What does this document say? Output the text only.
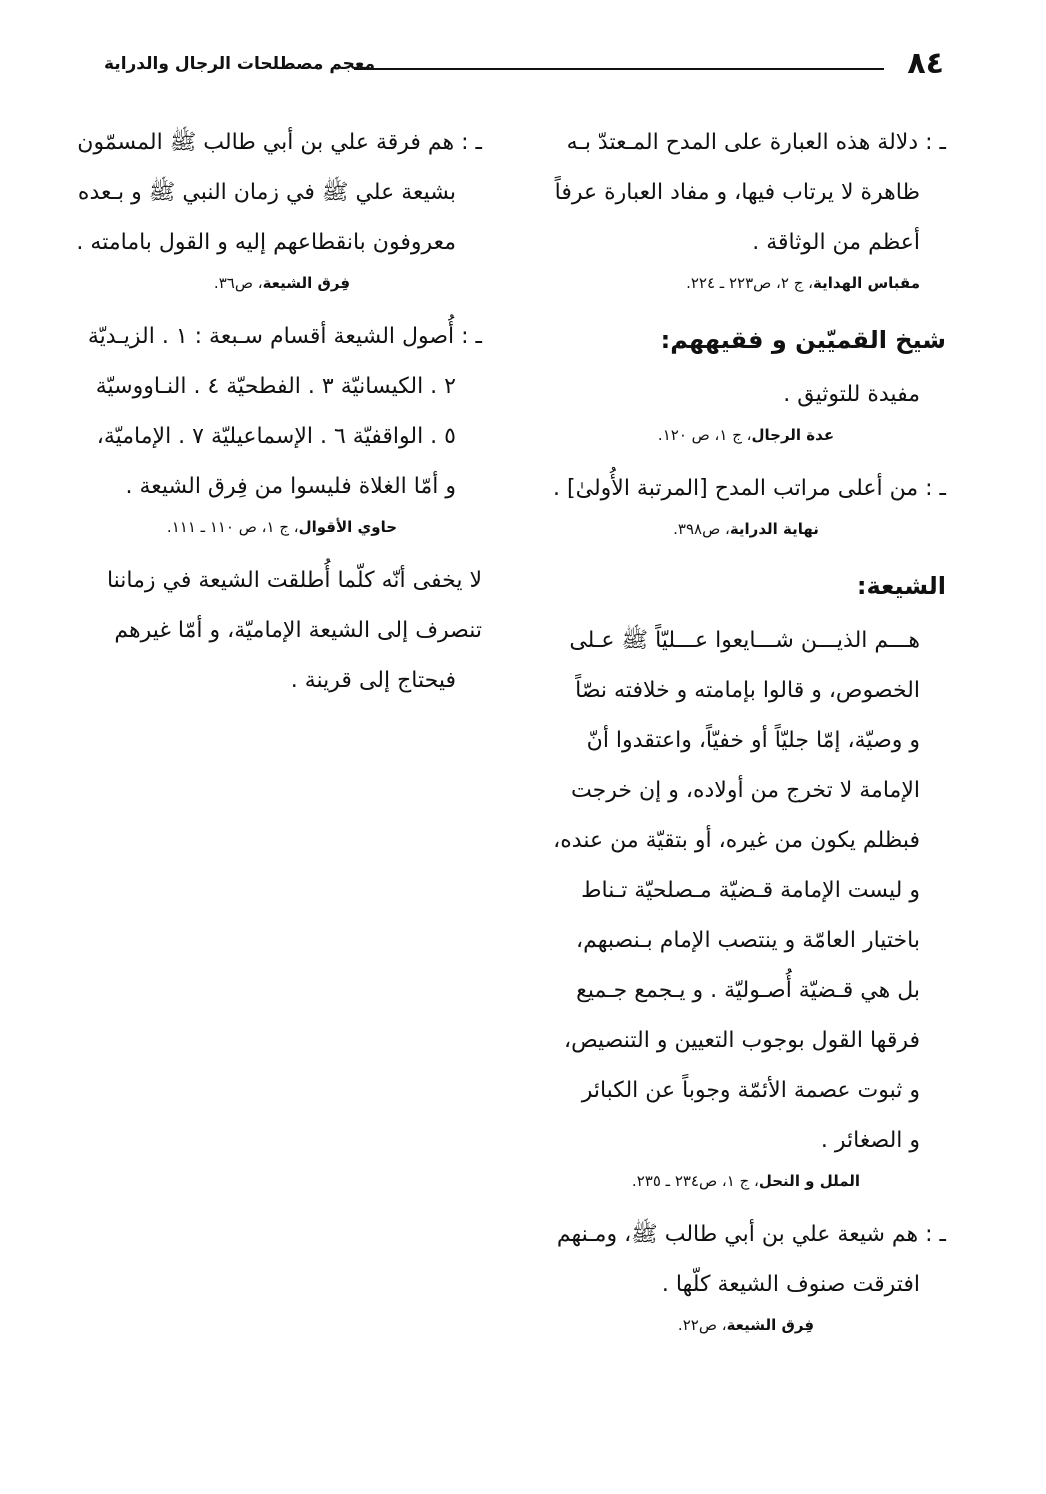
٨٤
معجم مصطلحات الرجال والدراية

ـ : دلالة هذه العبارة على المدح المـعتدّ بـه

ظاهرة لا يرتاب فيها، و مفاد العبارة عرفاً

أعظم من الوثاقة .

مقباس الهداية، ج ٢، ص٢٢٣ ـ ٢٢٤.

شيخ القميّين و فقيههم:

مفيدة للتوثيق .

عدة الرجال، ج ١، ص ١٢٠.

ـ : من أعلى مراتب المدح [المرتبة الأُولىٰ] .

نهاية الدراية، ص٣٩٨.

الشيعة:

هـــم الذيـــن شـــايعوا عـــليّاً ﷺ عـلى

الخصوص، و قالوا بإمامته و خلافته نصّاً

و وصيّة، إمّا جليّاً أو خفيّاً، واعتقدوا أنّ

الإمامة لا تخرج من أولاده، و إن خرجت

فبظلم يكون من غيره، أو بتقيّة من عنده،

و ليست الإمامة قـضيّة مـصلحيّة تـناط

باختيار العامّة و ينتصب الإمام بـنصبهم،

بل هي قـضيّة أُصـوليّة . و يـجمع جـميع

فرقها القول بوجوب التعيين و التنصيص،

و ثبوت عصمة الأئمّة وجوباً عن الكبائر

و الصغائر .

الملل و النحل، ج ١، ص٢٣٤ ـ ٢٣٥.

ـ : هم شيعة علي بن أبي طالب ﷺ، ومـنهم

افترقت صنوف الشيعة كلّها .

فِرق الشيعة، ص٢٢.

ـ : هم فرقة علي بن أبي طالب ﷺ المسمّون

بشيعة علي ﷺ في زمان النبي ﷺ و بـعده

معروفون بانقطاعهم إليه و القول بامامته .

فِرق الشيعة، ص٣٦.

ـ : أُصول الشيعة أقسام سـبعة : ١ . الزيـديّة

٢ . الكيسانيّة ٣ . الفطحيّة ٤ . النـاووسيّة

٥ . الواقفيّة ٦ . الإسماعيليّة ٧ . الإماميّة،

و أمّا الغلاة فليسوا من فِرق الشيعة .

حاوي الأقوال، ج ١، ص ١١٠ ـ ١١١.

لا يخفى أنّه كلّما أُطلقت الشيعة في زماننا

تنصرف إلى الشيعة الإماميّة، و أمّا غيرهم

فيحتاج إلى قرينة .
